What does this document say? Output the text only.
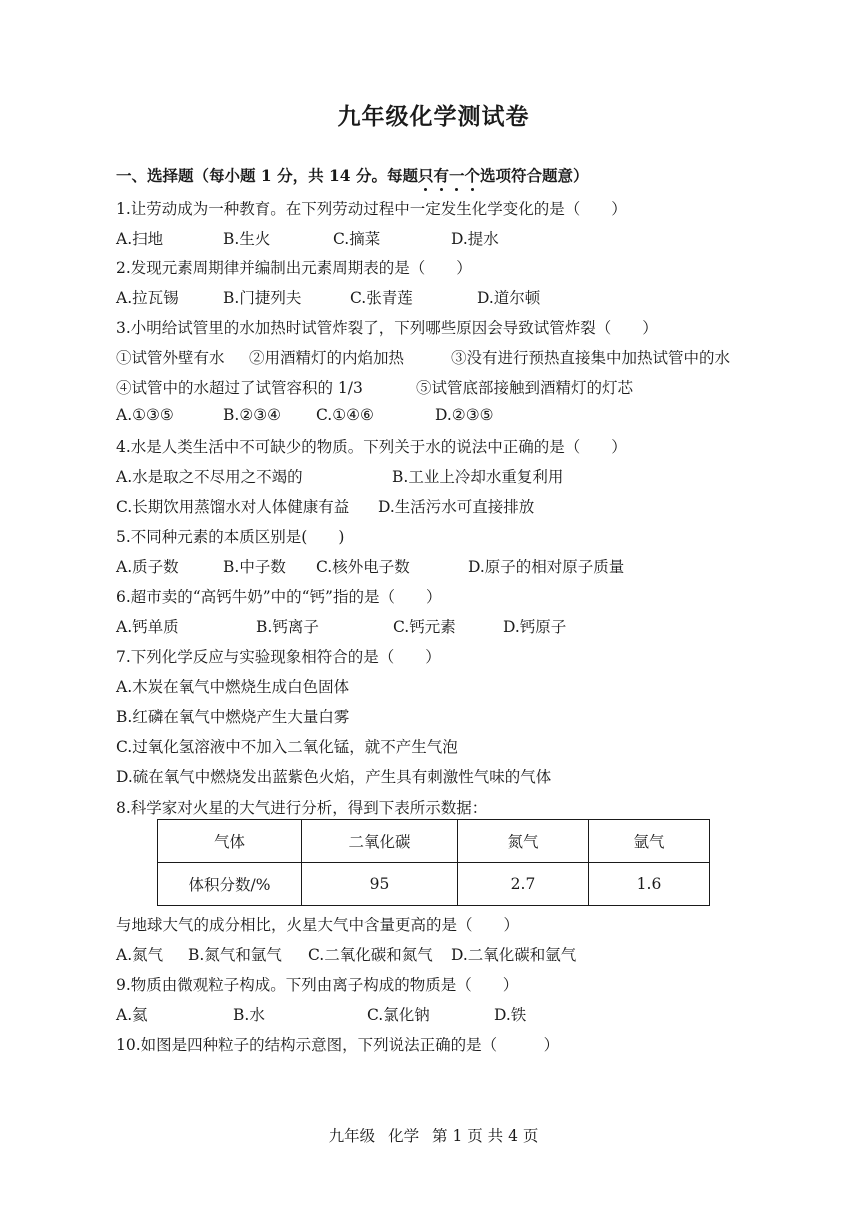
九年级化学测试卷
一、选择题（每小题 1 分，共 14 分。每题只有一个选项符合题意）
1.让劳动成为一种教育。在下列劳动过程中一定发生化学变化的是（　　）
A.扫地	B.生火	C.摘菜	D.提水
2.发现元素周期律并编制出元素周期表的是（　　）
A.拉瓦锡	B.门捷列夫	C.张青莲	D.道尔顿
3.小明给试管里的水加热时试管炸裂了，下列哪些原因会导致试管炸裂（　　）
①试管外壁有水 ②用酒精灯的内焰加热	③没有进行预热直接集中加热试管中的水
④试管中的水超过了试管容积的 1/3	⑤试管底部接触到酒精灯的灯芯
A.①③⑤	B.②③④ C.①④⑥	D.②③⑤
4.水是人类生活中不可缺少的物质。下列关于水的说法中正确的是（　　）
A.水是取之不尽用之不竭的	B.工业上冷却水重复利用
C.长期饮用蒸馏水对人体健康有益 D.生活污水可直接排放
5.不同种元素的本质区别是(　　)
A.质子数	B.中子数 C.核外电子数	D.原子的相对原子质量
6.超市卖的“高钙牛奶”中的“钙”指的是（　　）
A.钙单质	B.钙离子	C.钙元素	D.钙原子
7.下列化学反应与实验现象相符合的是（　　）
A.木炭在氧气中燃烧生成白色固体
B.红磷在氧气中燃烧产生大量白雾
C.过氧化氢溶液中不加入二氧化锰，就不产生气泡
D.硫在氧气中燃烧发出蓝紫色火焰，产生具有刺激性气味的气体
8.科学家对火星的大气进行分析，得到下表所示数据：
气体	二氧化碳	氮气	氩气
体积分数/%	95	2.7	1.6
与地球大气的成分相比，火星大气中含量更高的是（　　）
A.氮气 B.氮气和氩气 C.二氧化碳和氮气 D.二氧化碳和氩气
9.物质由微观粒子构成。下列由离子构成的物质是（　　）
A.氦	B.水	C.氯化钠	D.铁
10.如图是四种粒子的结构示意图，下列说法正确的是（　　　）
九年级 化学 第 1 页 共 4 页
